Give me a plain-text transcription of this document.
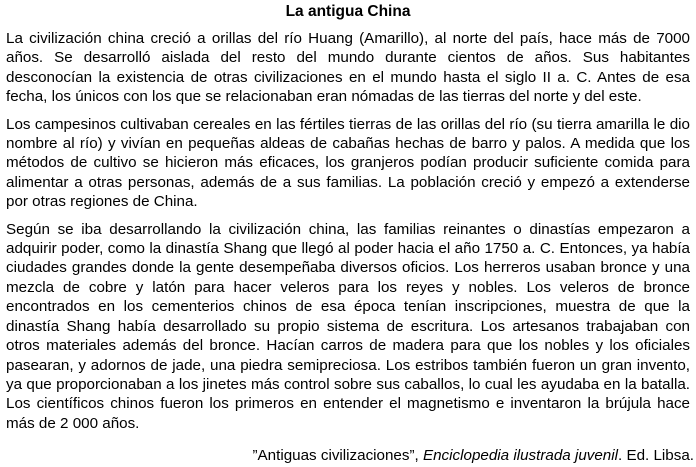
La antigua China

La civilización china creció a orillas del río Huang (Amarillo), al norte del país, hace más de 7000 años. Se desarrolló aislada del resto del mundo durante cientos de años. Sus habitantes desconocían la existencia de otras civilizaciones en el mundo hasta el siglo II a. C. Antes de esa fecha, los únicos con los que se relacionaban eran nómadas de las tierras del norte y del este.

Los campesinos cultivaban cereales en las fértiles tierras de las orillas del río (su tierra amarilla le dio nombre al río) y vivían en pequeñas aldeas de cabañas hechas de barro y palos. A medida que los métodos de cultivo se hicieron más eficaces, los granjeros podían producir suficiente comida para alimentar a otras personas, además de a sus familias. La población creció y empezó a extenderse por otras regiones de China.

Según se iba desarrollando la civilización china, las familias reinantes o dinastías empezaron a adquirir poder, como la dinastía Shang que llegó al poder hacia el año 1750 a. C. Entonces, ya había ciudades grandes donde la gente desempeñaba diversos oficios. Los herreros usaban bronce y una mezcla de cobre y latón para hacer veleros para los reyes y nobles. Los veleros de bronce encontrados en los cementerios chinos de esa época tenían inscripciones, muestra de que la dinastía Shang había desarrollado su propio sistema de escritura. Los artesanos trabajaban con otros materiales además del bronce. Hacían carros de madera para que los nobles y los oficiales pasearan, y adornos de jade, una piedra semipreciosa. Los estribos también fueron un gran invento, ya que proporcionaban a los jinetes más control sobre sus caballos, lo cual les ayudaba en la batalla. Los científicos chinos fueron los primeros en entender el magnetismo e inventaron la brújula hace más de 2 000 años.

”Antiguas civilizaciones”, Enciclopedia ilustrada juvenil. Ed. Libsa.
